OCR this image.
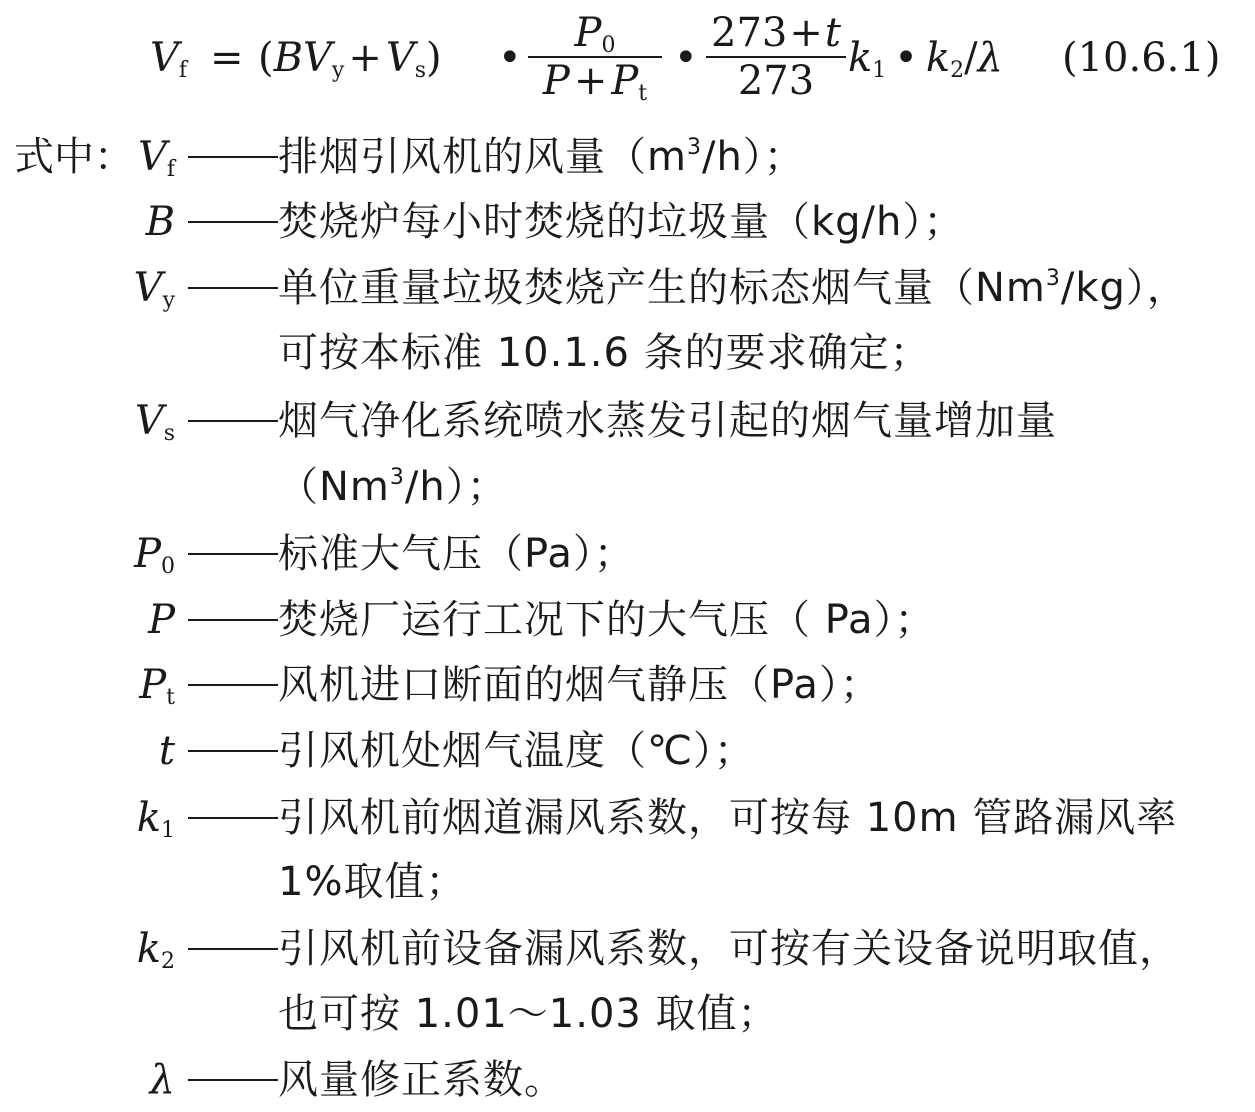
$V_f = (BV_y + V_s)$ •
$P_0$
$P + P_t$
•
273+t
273 $k_1$ • $k_2/\lambda$ (10.6.1)
式中： $V_f$	排烟引风机的风量$(m^3/h)$；
B	焚烧炉每小时焚烧的垃圾量（kg/h）；
$V_y$	单位重量垃圾焚烧产生的标态烟气量（Nm$^3$/kg），
可按本标准 10.1.6 条的要求确定；
$V_s$	烟气净化系统喷水蒸发引起的烟气量增加量
（Nm$^3$/h）；
$P_0$	标准大气压（Pa）；
P	焚烧厂运行工况下的大气压（ Pa）；
$P_t$	风机进口断面的烟气静压（Pa）；
t	引风机处烟气温度（℃）；
$k_1$	引风机前烟道漏风系数，可按每 10m 管路漏风率
1%取值；
$k_2$	引风机前设备漏风系数，可按有关设备说明取值，
也可按 1.01～1.03 取值；
λ	风量修正系数。
